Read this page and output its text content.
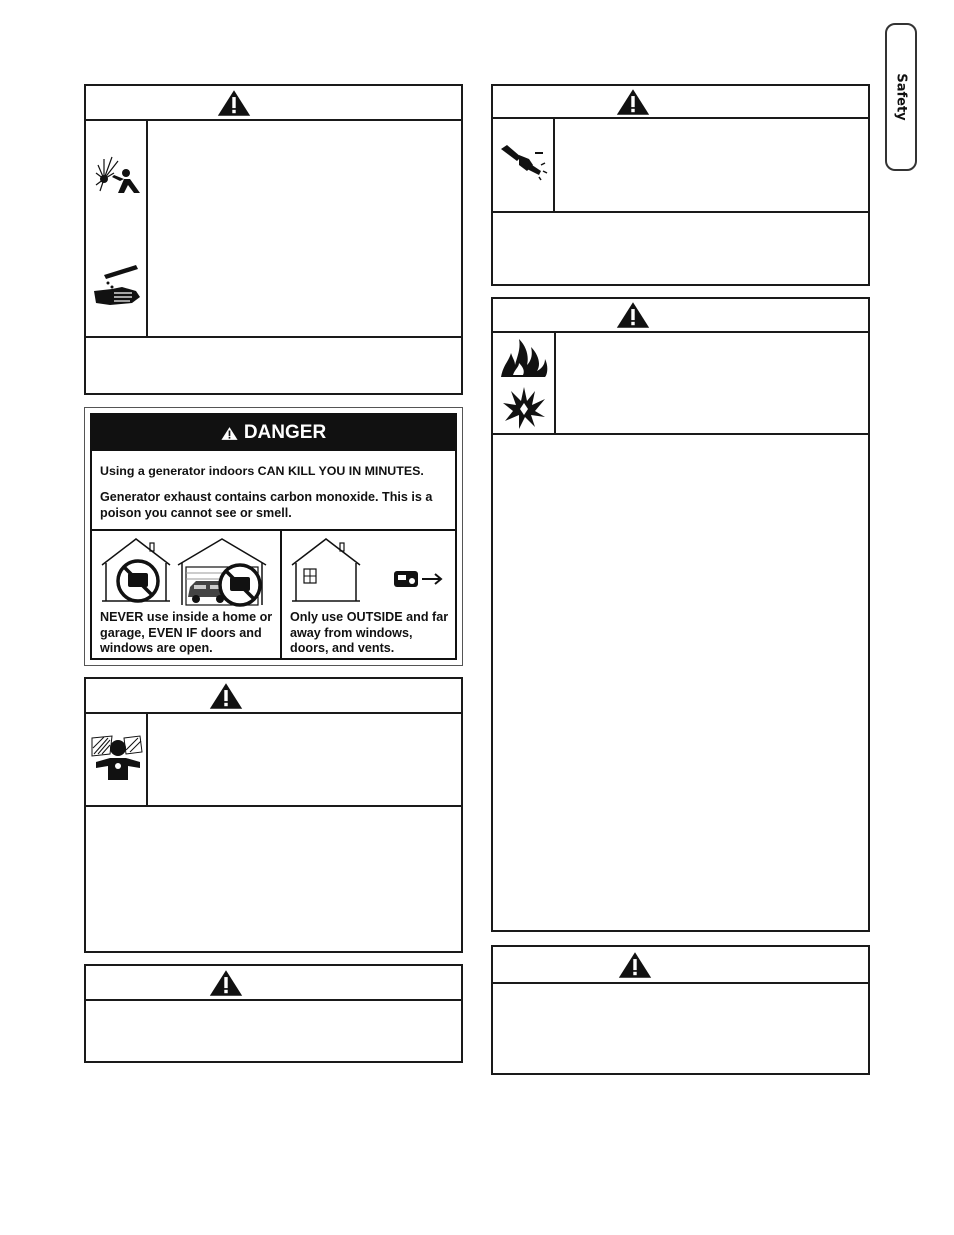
Safety
DANGER
Using a generator indoors CAN KILL YOU IN MINUTES.
Generator exhaust contains carbon monoxide. This is a poison you cannot see or smell.
NEVER use inside a home or garage, EVEN IF doors and windows are open.
Only use OUTSIDE and far away from windows, doors, and vents.
